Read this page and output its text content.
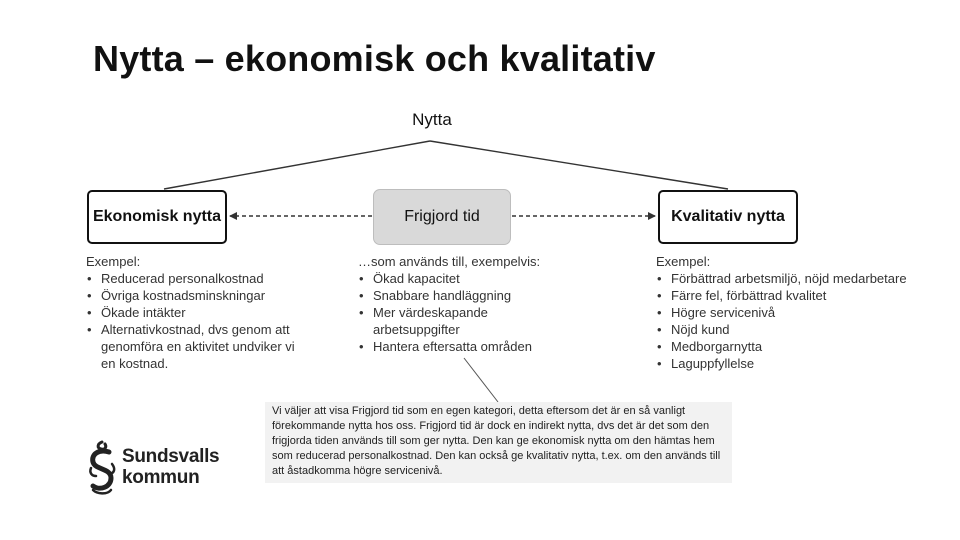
Nytta – ekonomisk och kvalitativ
Nytta
Ekonomisk nytta	Frigjord tid	Kvalitativ nytta
Exempel:
• Reducerad personalkostnad
• Övriga kostnadsminskningar
• Ökade intäkter
• Alternativkostnad, dvs genom att genomföra en aktivitet undviker vi en kostnad.
…som används till, exempelvis:
• Ökad kapacitet
• Snabbare handläggning
• Mer värdeskapande arbetsuppgifter
• Hantera eftersatta områden
Exempel:
• Förbättrad arbetsmiljö, nöjd medarbetare
• Färre fel, förbättrad kvalitet
• Högre servicenivå
• Nöjd kund
• Medborgarnytta
• Laguppfyllelse
Vi väljer att visa Frigjord tid som en egen kategori, detta eftersom det är en så vanligt förekommande nytta hos oss. Frigjord tid är dock en indirekt nytta, dvs det är det som den frigjorda tiden används till som ger nytta. Den kan ge ekonomisk nytta om den hämtas hem som reducerad personalkostnad. Den kan också ge kvalitativ nytta, t.ex. om den används till att åstadkomma högre servicenivå.
Sundsvalls
kommun
